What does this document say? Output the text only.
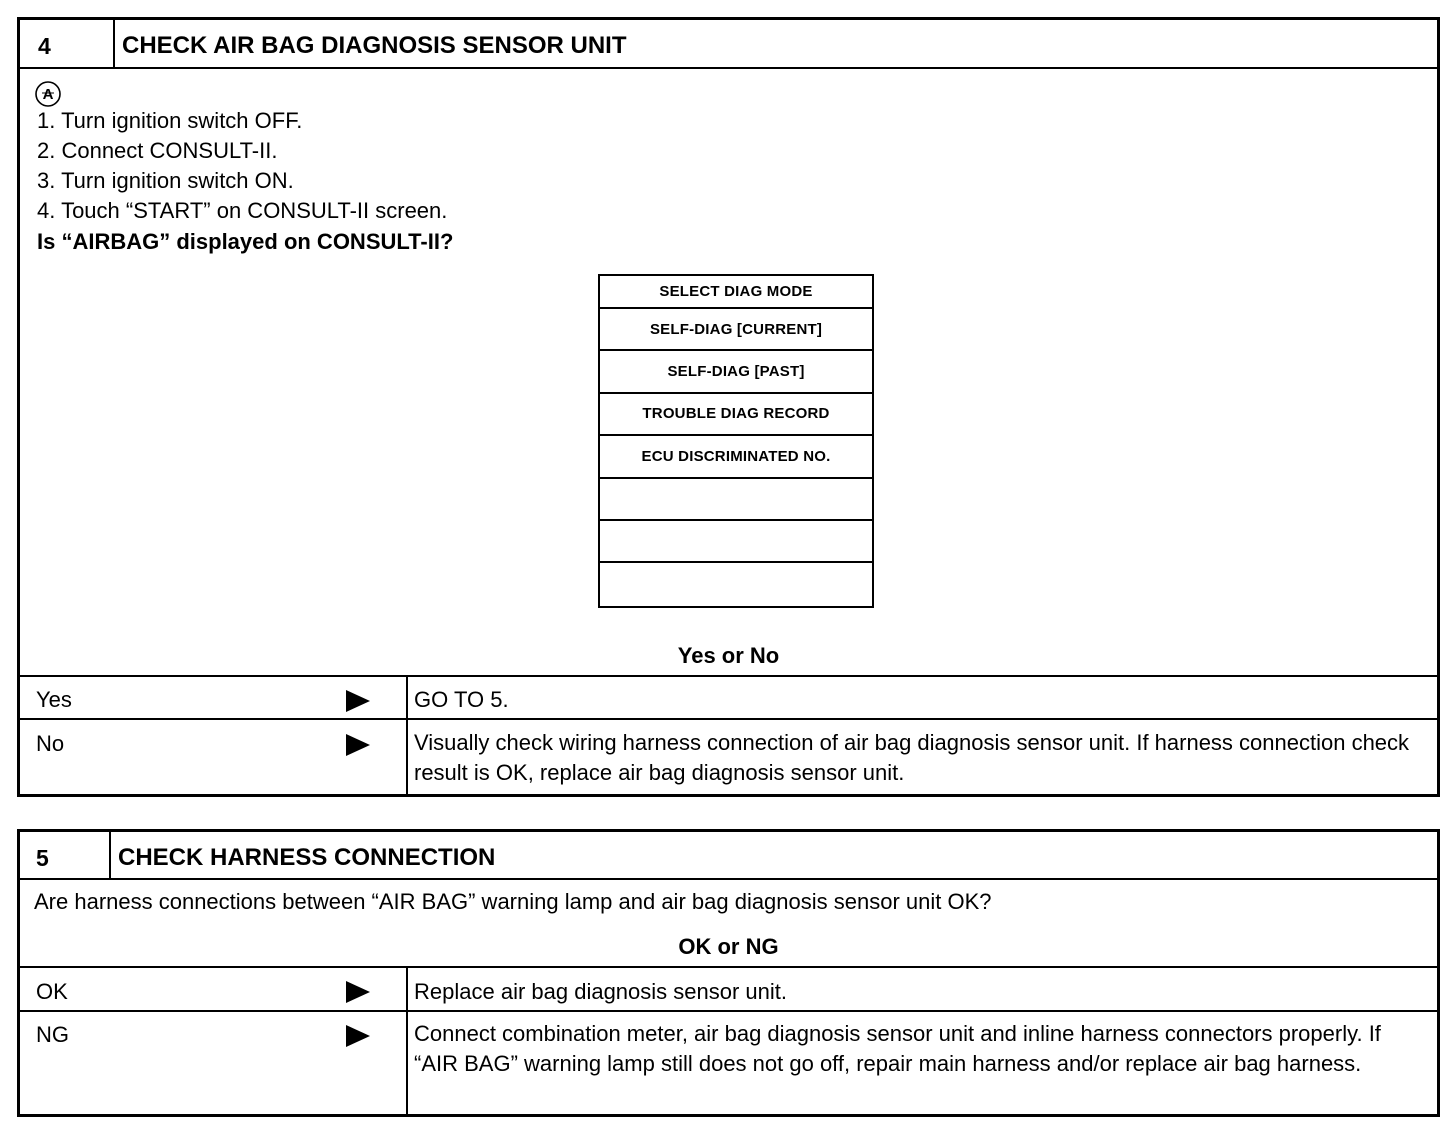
4	CHECK AIR BAG DIAGNOSIS SENSOR UNIT
A
1. Turn ignition switch OFF.
2. Connect CONSULT-II.
3. Turn ignition switch ON.
4. Touch “START” on CONSULT-II screen.
Is “AIRBAG” displayed on CONSULT-II?
SELECT DIAG MODE
SELF-DIAG [CURRENT]
SELF-DIAG [PAST]
TROUBLE DIAG RECORD
ECU DISCRIMINATED NO.
Yes or No
Yes	GO TO 5.
No	Visually check wiring harness connection of air bag diagnosis sensor unit. If harness connection check result is OK, replace air bag diagnosis sensor unit.
5	CHECK HARNESS CONNECTION
Are harness connections between “AIR BAG” warning lamp and air bag diagnosis sensor unit OK?
OK or NG
OK	Replace air bag diagnosis sensor unit.
NG	Connect combination meter, air bag diagnosis sensor unit and inline harness connectors properly. If “AIR BAG” warning lamp still does not go off, repair main harness and/or replace air bag harness.
